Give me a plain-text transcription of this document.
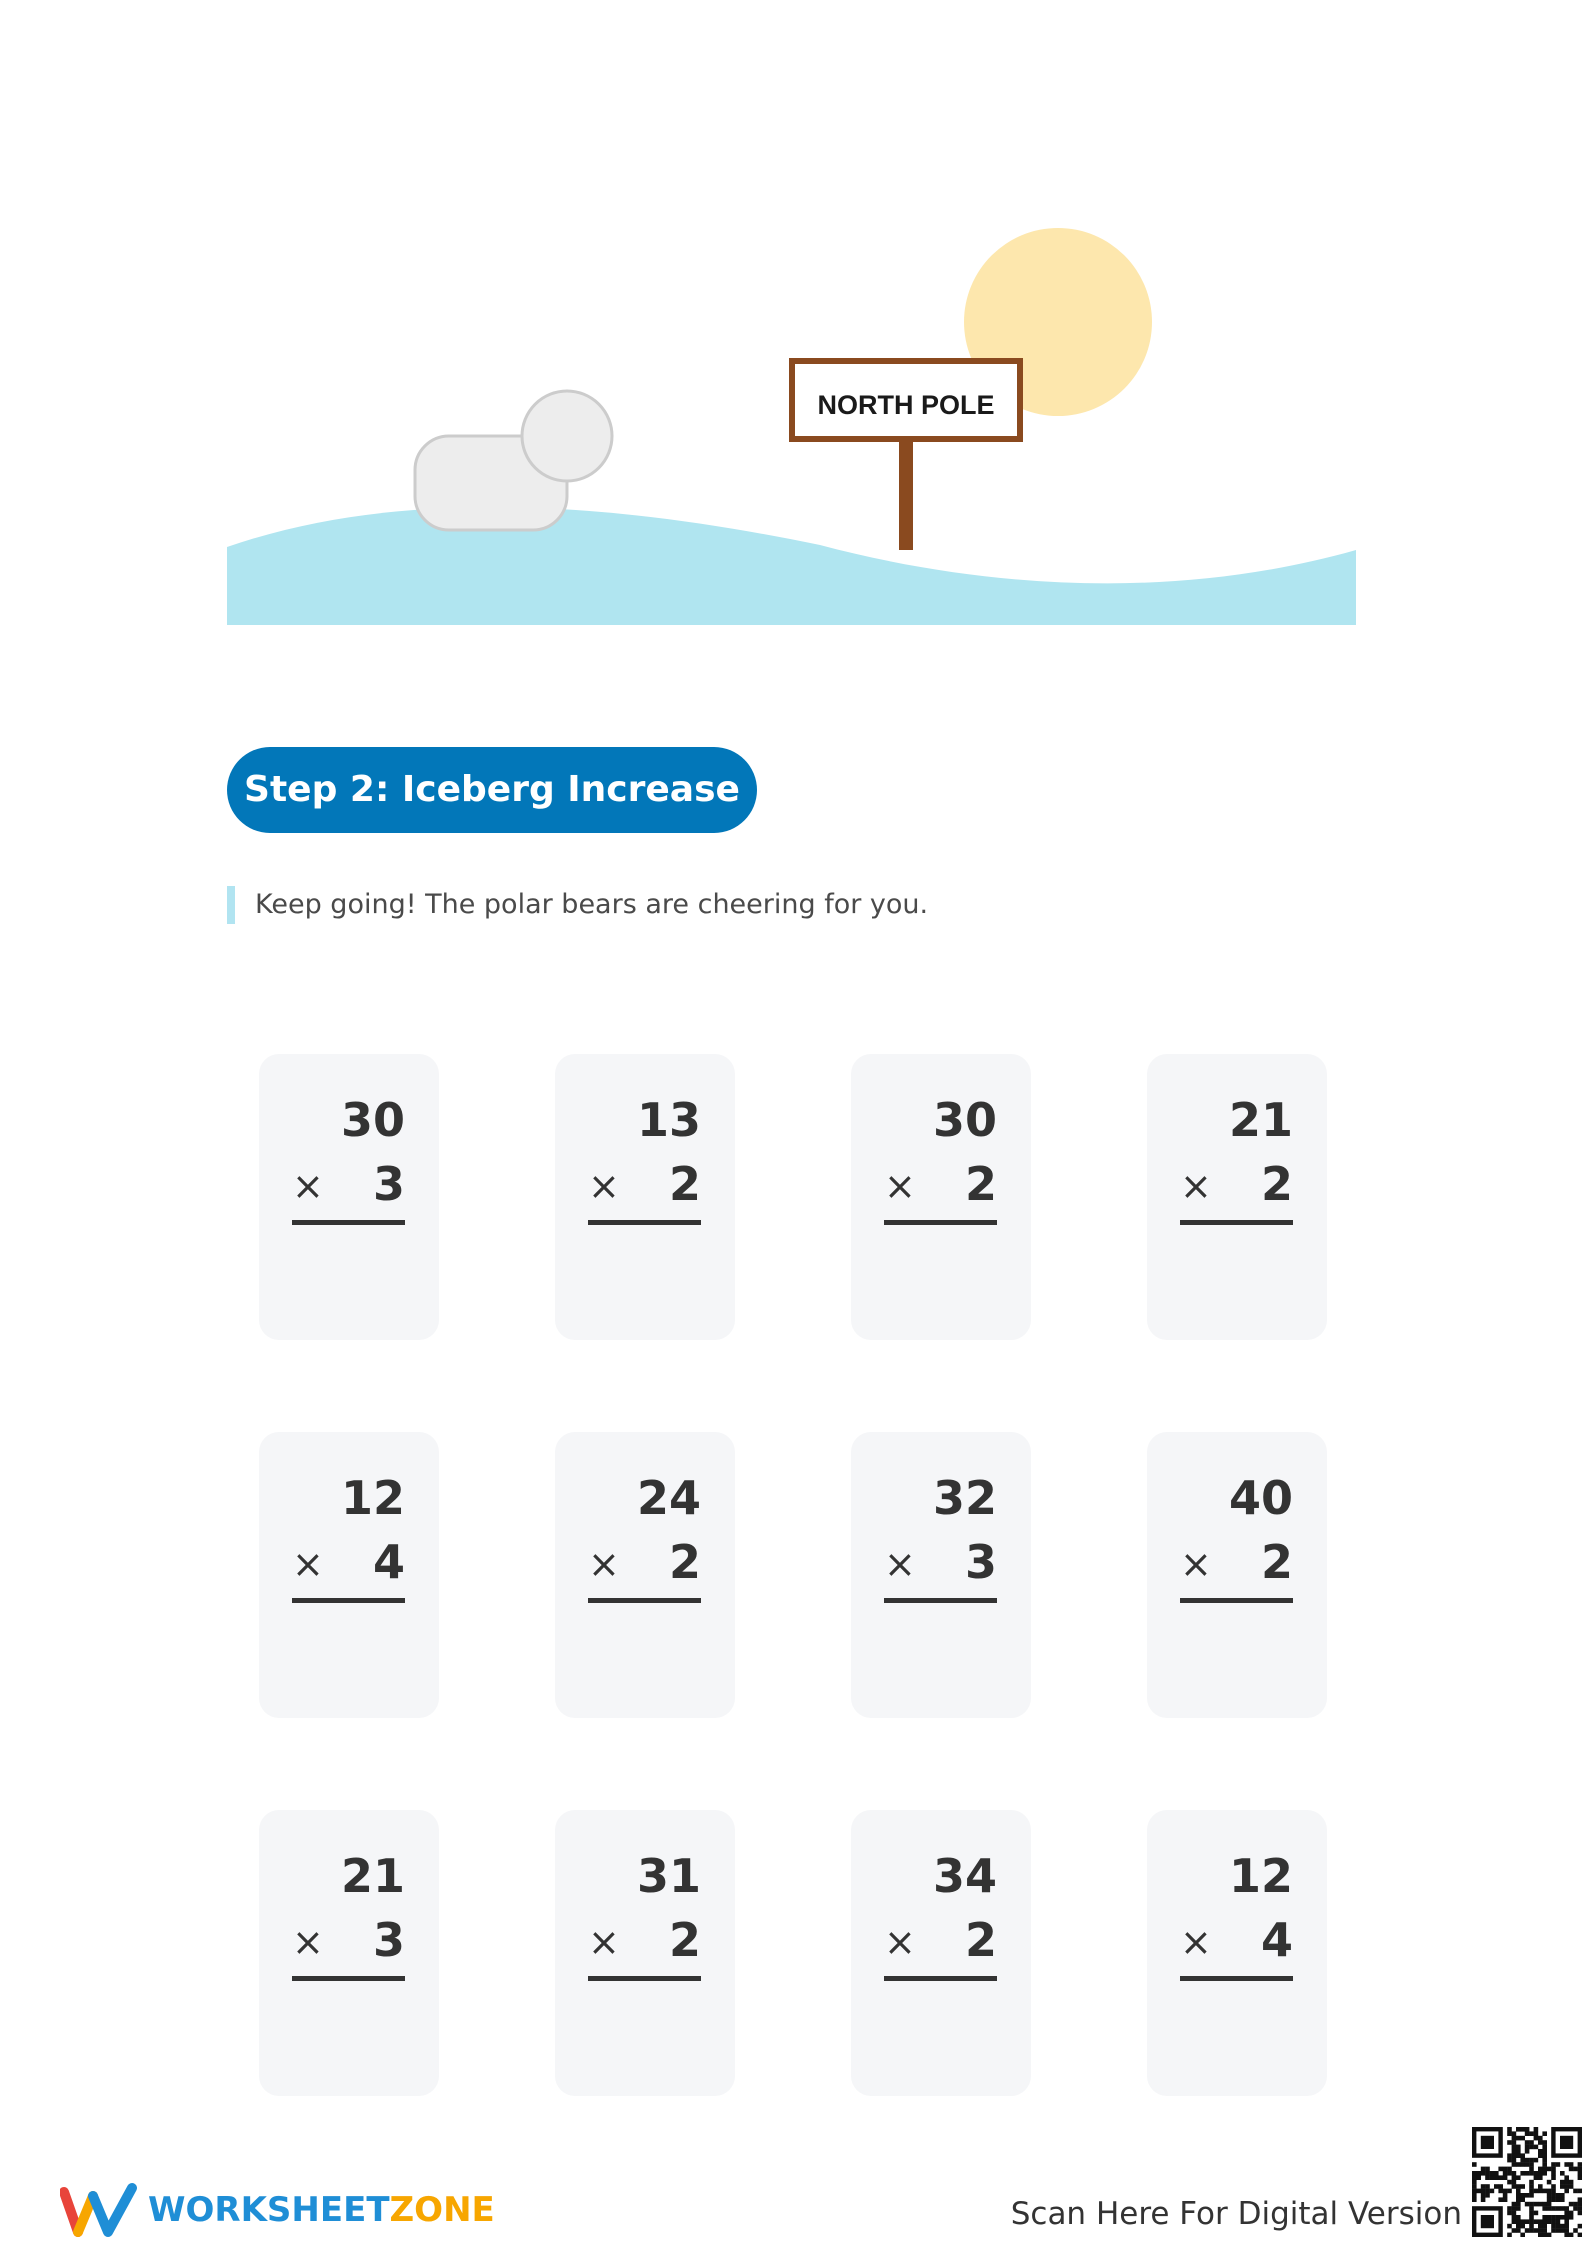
NORTH POLE
Step 2: Iceberg Increase
Keep going! The polar bears are cheering for you.
30
× 3
13
× 2
30
× 2
21
× 2
12
× 4
24
× 2
32
× 3
40
× 2
21
× 3
31
× 2
34
× 2
12
× 4
WORKSHEETZONE	Scan Here For Digital Version
